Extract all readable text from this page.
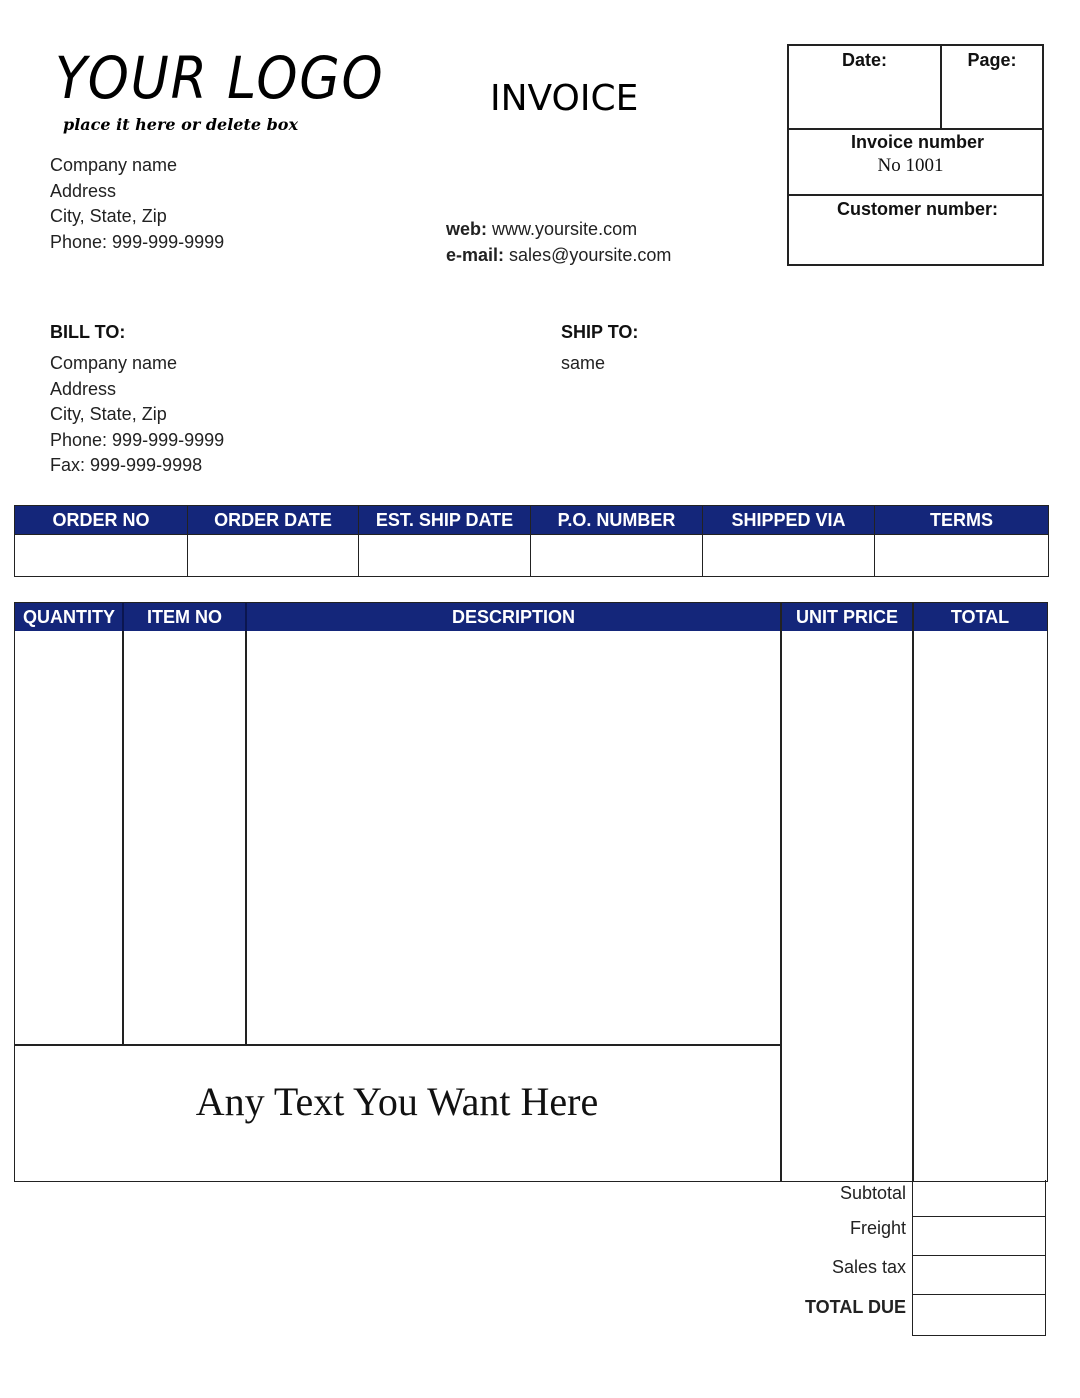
YOUR LOGO
place it here or delete box
INVOICE
Company name
Address
City, State, Zip
Phone: 999-999-9999
web: www.yoursite.com
e-mail: sales@yoursite.com
Date:	Page:
Invoice number
No 1001
Customer number:
BILL TO:
Company name
Address
City, State, Zip
Phone: 999-999-9999
Fax: 999-999-9998
SHIP TO:
same
ORDER NO	ORDER DATE	EST. SHIP DATE	P.O. NUMBER	SHIPPED VIA	TERMS

QUANTITY	ITEM NO	DESCRIPTION	UNIT PRICE	TOTAL
Any Text You Want Here
Subtotal
Freight
Sales tax
TOTAL DUE
